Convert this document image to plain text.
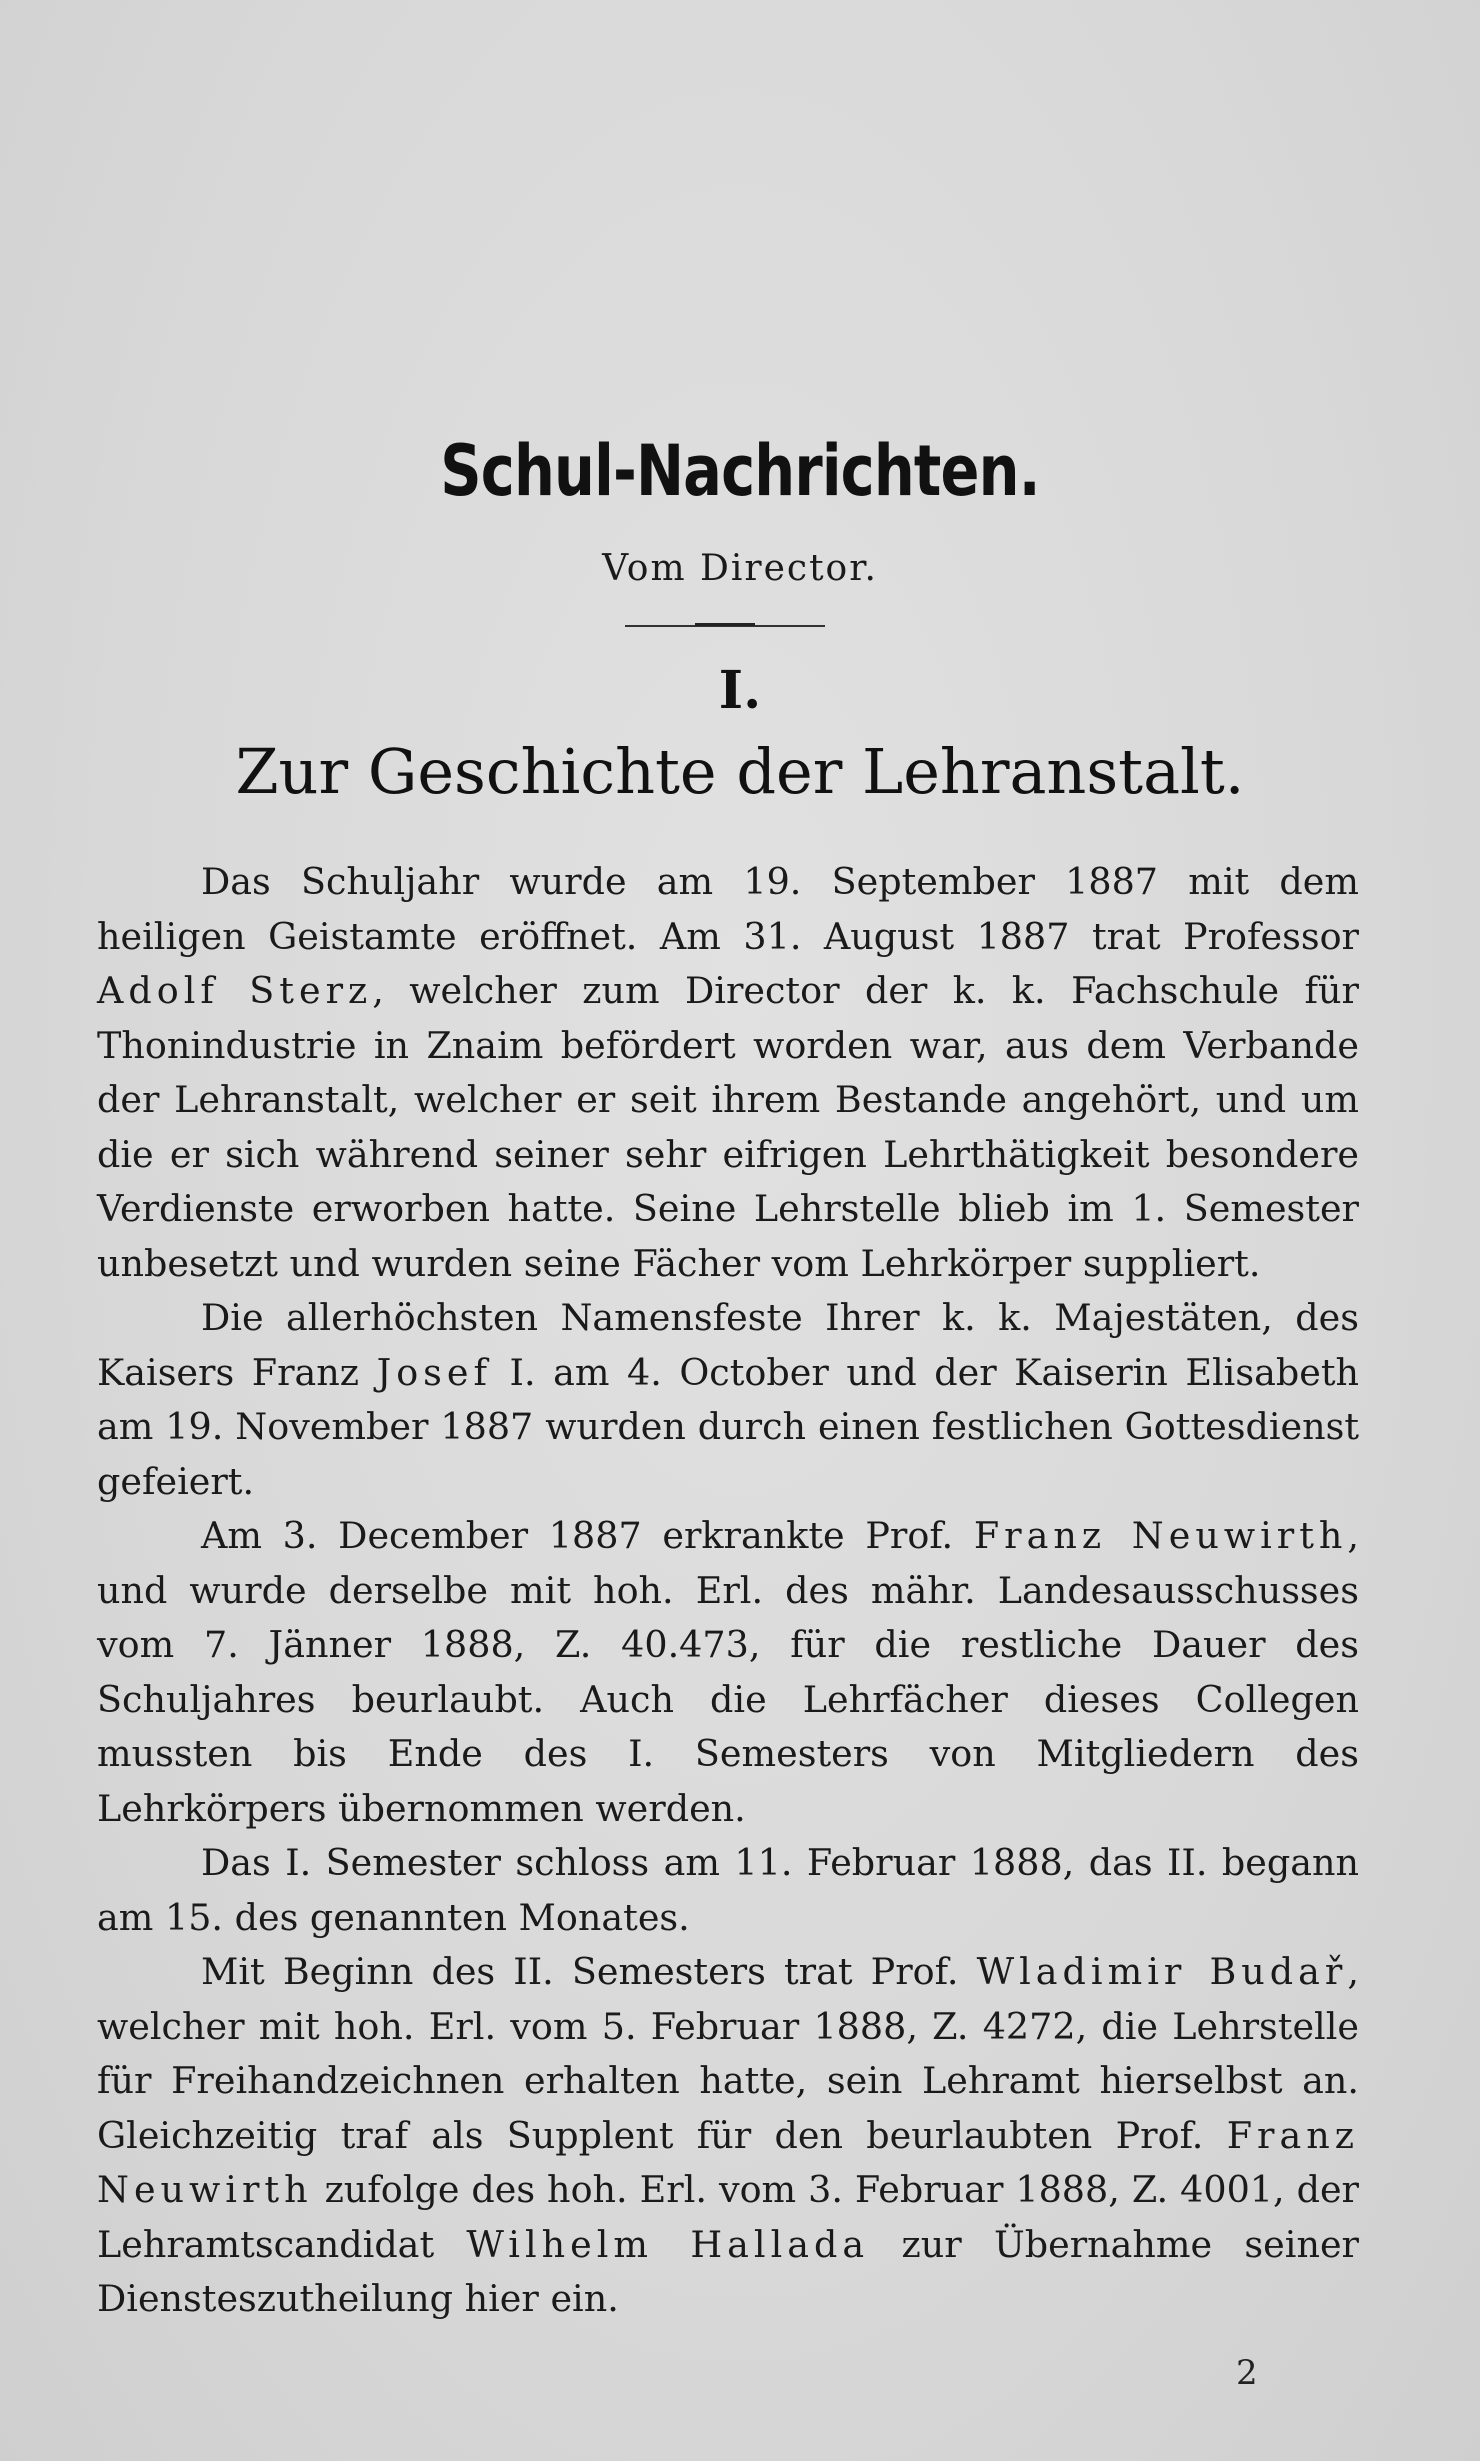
Schul-Nachrichten.
Vom Director.
I.
Zur Geschichte der Lehranstalt.

Das Schuljahr wurde am 19. September 1887 mit dem heiligen Geistamte eröffnet. Am 31. August 1887 trat Professor Adolf Sterz, welcher zum Director der k. k. Fachschule für Thonindustrie in Znaim befördert worden war, aus dem Verbande der Lehranstalt, welcher er seit ihrem Bestande angehört, und um die er sich während seiner sehr eifrigen Lehrthätigkeit besondere Verdienste erworben hatte. Seine Lehrstelle blieb im 1. Semester unbesetzt und wurden seine Fächer vom Lehrkörper suppliert.

Die allerhöchsten Namensfeste Ihrer k. k. Majestäten, des Kaisers Franz Josef I. am 4. October und der Kaiserin Elisabeth am 19. November 1887 wurden durch einen festlichen Gottesdienst gefeiert.

Am 3. December 1887 erkrankte Prof. Franz Neuwirth, und wurde derselbe mit hoh. Erl. des mähr. Landesausschusses vom 7. Jänner 1888, Z. 40.473, für die restliche Dauer des Schuljahres beurlaubt. Auch die Lehrfächer dieses Collegen mussten bis Ende des I. Semesters von Mitgliedern des Lehrkörpers übernommen werden.

Das I. Semester schloss am 11. Februar 1888, das II. begann am 15. des genannten Monates.

Mit Beginn des II. Semesters trat Prof. Wladimir Budař, welcher mit hoh. Erl. vom 5. Februar 1888, Z. 4272, die Lehrstelle für Freihandzeichnen erhalten hatte, sein Lehramt hierselbst an. Gleichzeitig traf als Supplent für den beurlaubten Prof. Franz Neuwirth zufolge des hoh. Erl. vom 3. Februar 1888, Z. 4001, der Lehramtscandidat Wilhelm Hallada zur Übernahme seiner Diensteszutheilung hier ein.

2
